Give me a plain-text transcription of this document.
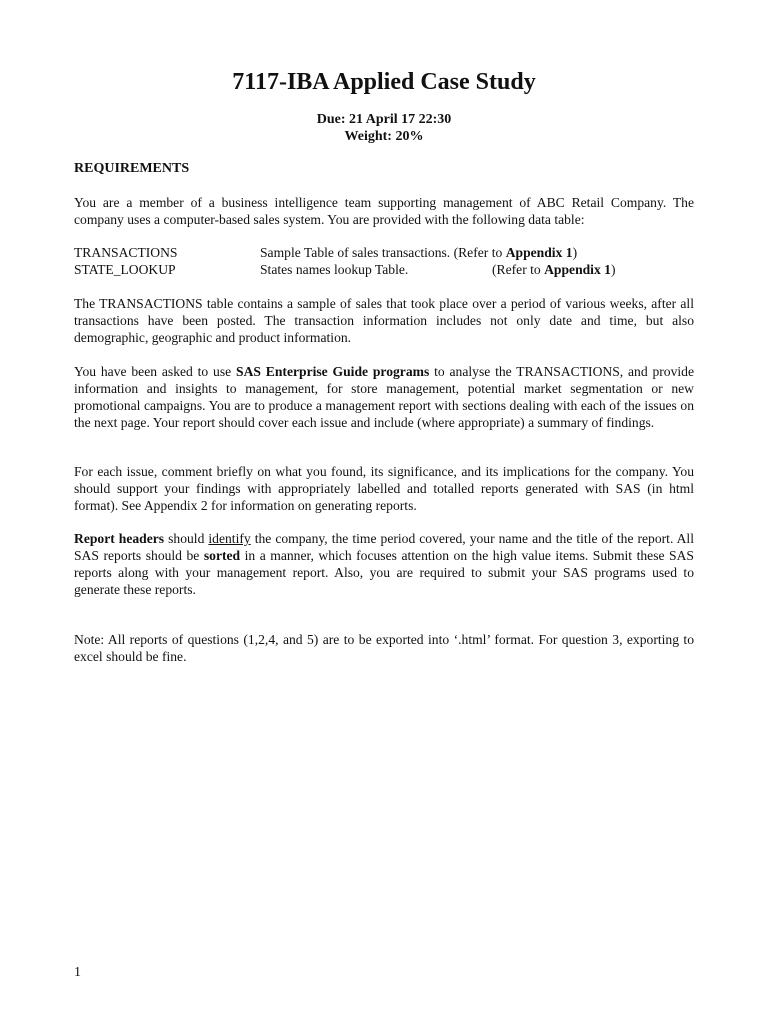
7117-IBA Applied Case Study
Due: 21 April 17 22:30
Weight: 20%
REQUIREMENTS

You are a member of a business intelligence team supporting management of ABC Retail Company. The company uses a computer-based sales system. You are provided with the following data table:

TRANSACTIONS	Sample Table of sales transactions. (Refer to Appendix 1)
STATE_LOOKUP	States names lookup Table.	(Refer to Appendix 1)

The TRANSACTIONS table contains a sample of sales that took place over a period of various weeks, after all transactions have been posted. The transaction information includes not only date and time, but also demographic, geographic and product information.

You have been asked to use SAS Enterprise Guide programs to analyse the TRANSACTIONS, and provide information and insights to management, for store management, potential market segmentation or new promotional campaigns. You are to produce a management report with sections dealing with each of the issues on the next page. Your report should cover each issue and include (where appropriate) a summary of findings.

For each issue, comment briefly on what you found, its significance, and its implications for the company. You should support your findings with appropriately labelled and totalled reports generated with SAS (in html format). See Appendix 2 for information on generating reports.

Report headers should identify the company, the time period covered, your name and the title of the report. All SAS reports should be sorted in a manner, which focuses attention on the high value items. Submit these SAS reports along with your management report. Also, you are required to submit your SAS programs used to generate these reports.

Note: All reports of questions (1,2,4, and 5) are to be exported into ‘.html’ format. For question 3, exporting to excel should be fine.

1
